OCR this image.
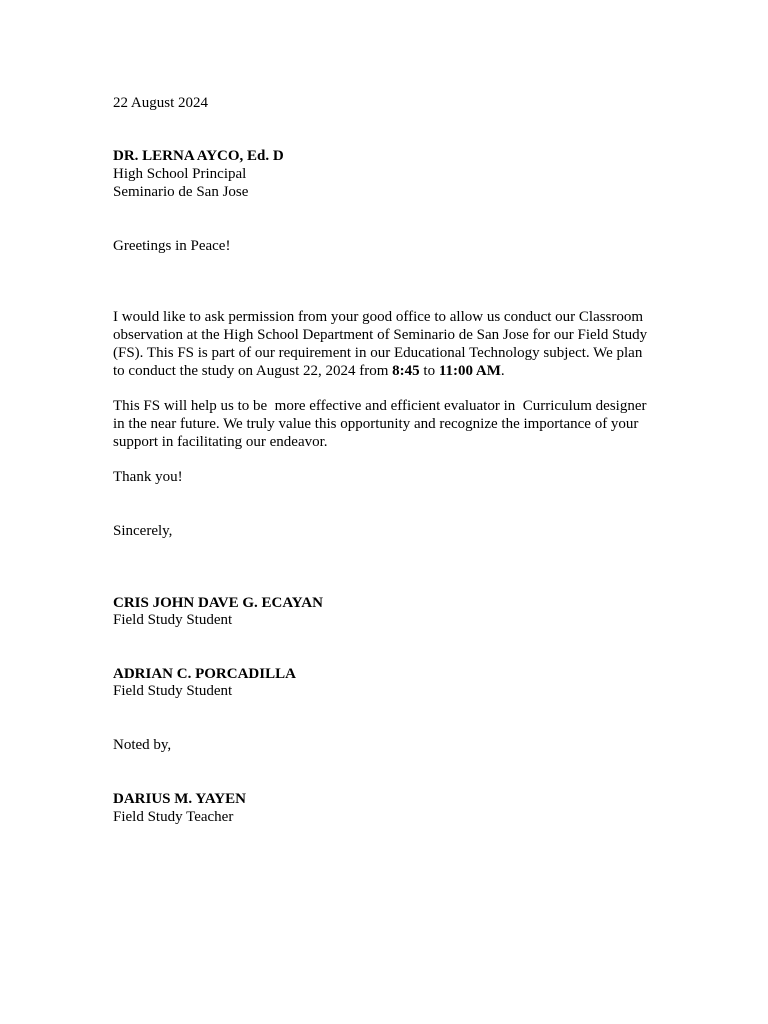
22 August 2024

DR. LERNA AYCO, Ed. D

High School Principal

Seminario de San Jose

Greetings in Peace!

I would like to ask permission from your good office to allow us conduct our Classroom
observation at the High School Department of Seminario de San Jose for our Field Study
(FS). This FS is part of our requirement in our Educational Technology subject. We plan
to conduct the study on August 22, 2024 from 8:45 to 11:00 AM.
This FS will help us to be  more effective and efficient evaluator in  Curriculum designer
in the near future. We truly value this opportunity and recognize the importance of your
support in facilitating our endeavor.

Thank you!

Sincerely,

CRIS JOHN DAVE G. ECAYAN

Field Study Student

ADRIAN C. PORCADILLA

Field Study Student

Noted by,

DARIUS M. YAYEN

Field Study Teacher
